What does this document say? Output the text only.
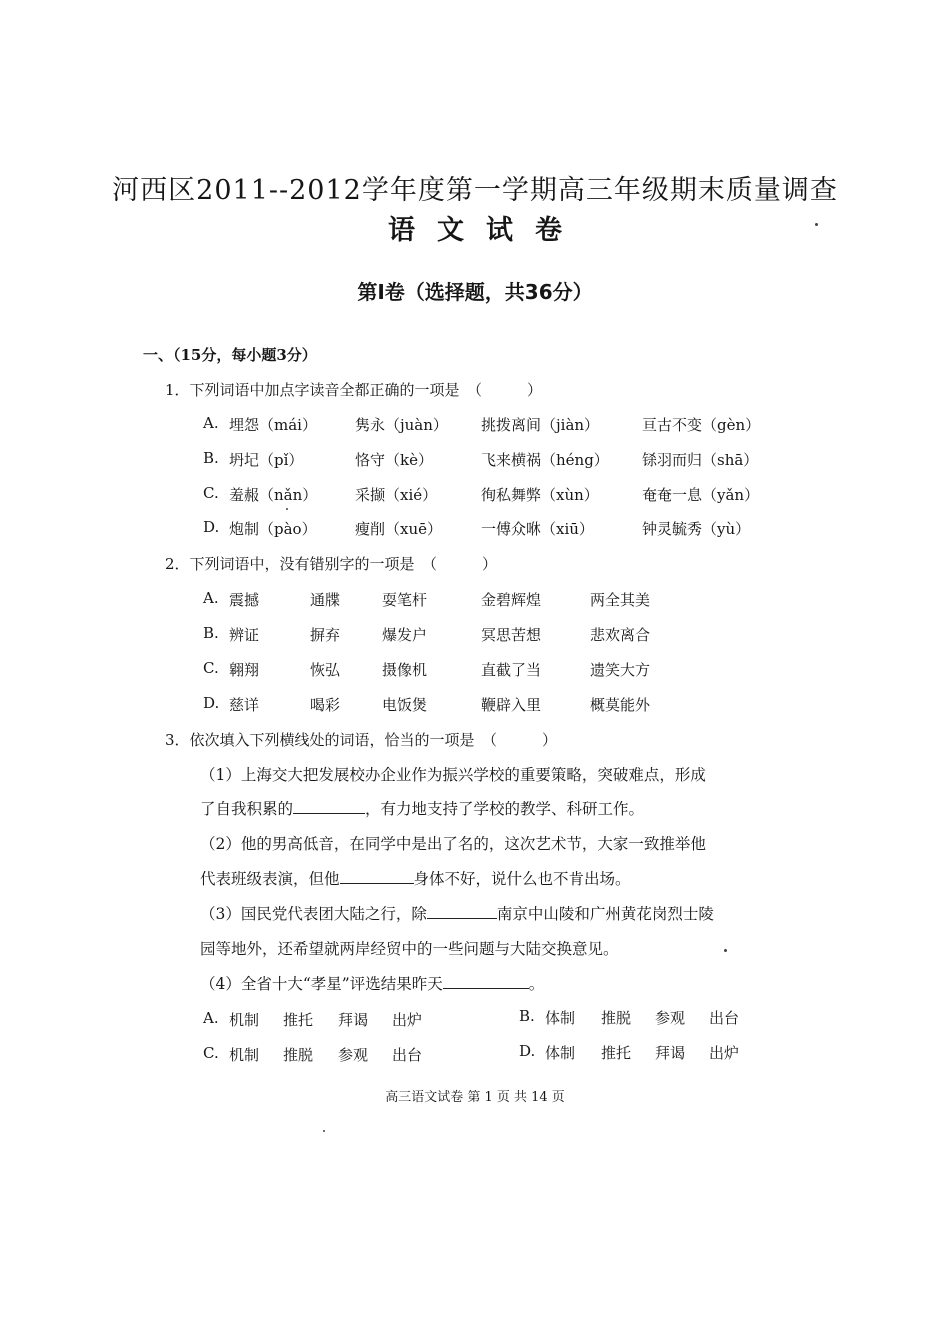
河西区2011--2012学年度第一学期高三年级期末质量调查
语文试卷
第Ⅰ卷（选择题，共36分）
一、（15分，每小题3分）
1．下列词语中加点字读音全都正确的一项是　（　　　）
A. 埋怨（mái）	隽永（juàn） 挑拨离间（jiàn）	亘古不变（gèn）
B. 坍圮（pǐ）	恪守（kè）	飞来横祸（héng） 铩羽而归（shā）
C. 羞赧（nǎn）	采撷（xié）	徇私舞弊（xùn）	奄奄一息（yǎn）
D. 炮制（pào）	瘦削（xuē）	一傅众咻（xiū）	钟灵毓秀（yù）
2．下列词语中，没有错别字的一项是　（　　　）
A. 震撼	通牒	耍笔杆	金碧辉煌	两全其美
B. 辨证	摒弃	爆发户	冥思苦想	悲欢离合
C. 翱翔	恢弘	摄像机	直截了当	遗笑大方
D. 慈详	喝彩	电饭煲	鞭辟入里	概莫能外
3．依次填入下列横线处的词语，恰当的一项是　（　　　）
（1）上海交大把发展校办企业作为振兴学校的重要策略，突破难点，形成
了自我积累的	，有力地支持了学校的教学、科研工作。
（2）他的男高低音，在同学中是出了名的，这次艺术节，大家一致推举他
代表班级表演，但他	身体不好，说什么也不肯出场。
（3）国民党代表团大陆之行，除	南京中山陵和广州黄花岗烈士陵
园等地外，还希望就两岸经贸中的一些问题与大陆交换意见。
（4）全省十大“孝星”评选结果昨天	。
A. 机制 推托 拜谒 出炉	B. 体制 推脱 参观 出台
C. 机制 推脱 参观 出台	D. 体制 推托 拜谒 出炉
高三语文试卷 第 1 页 共 14 页
